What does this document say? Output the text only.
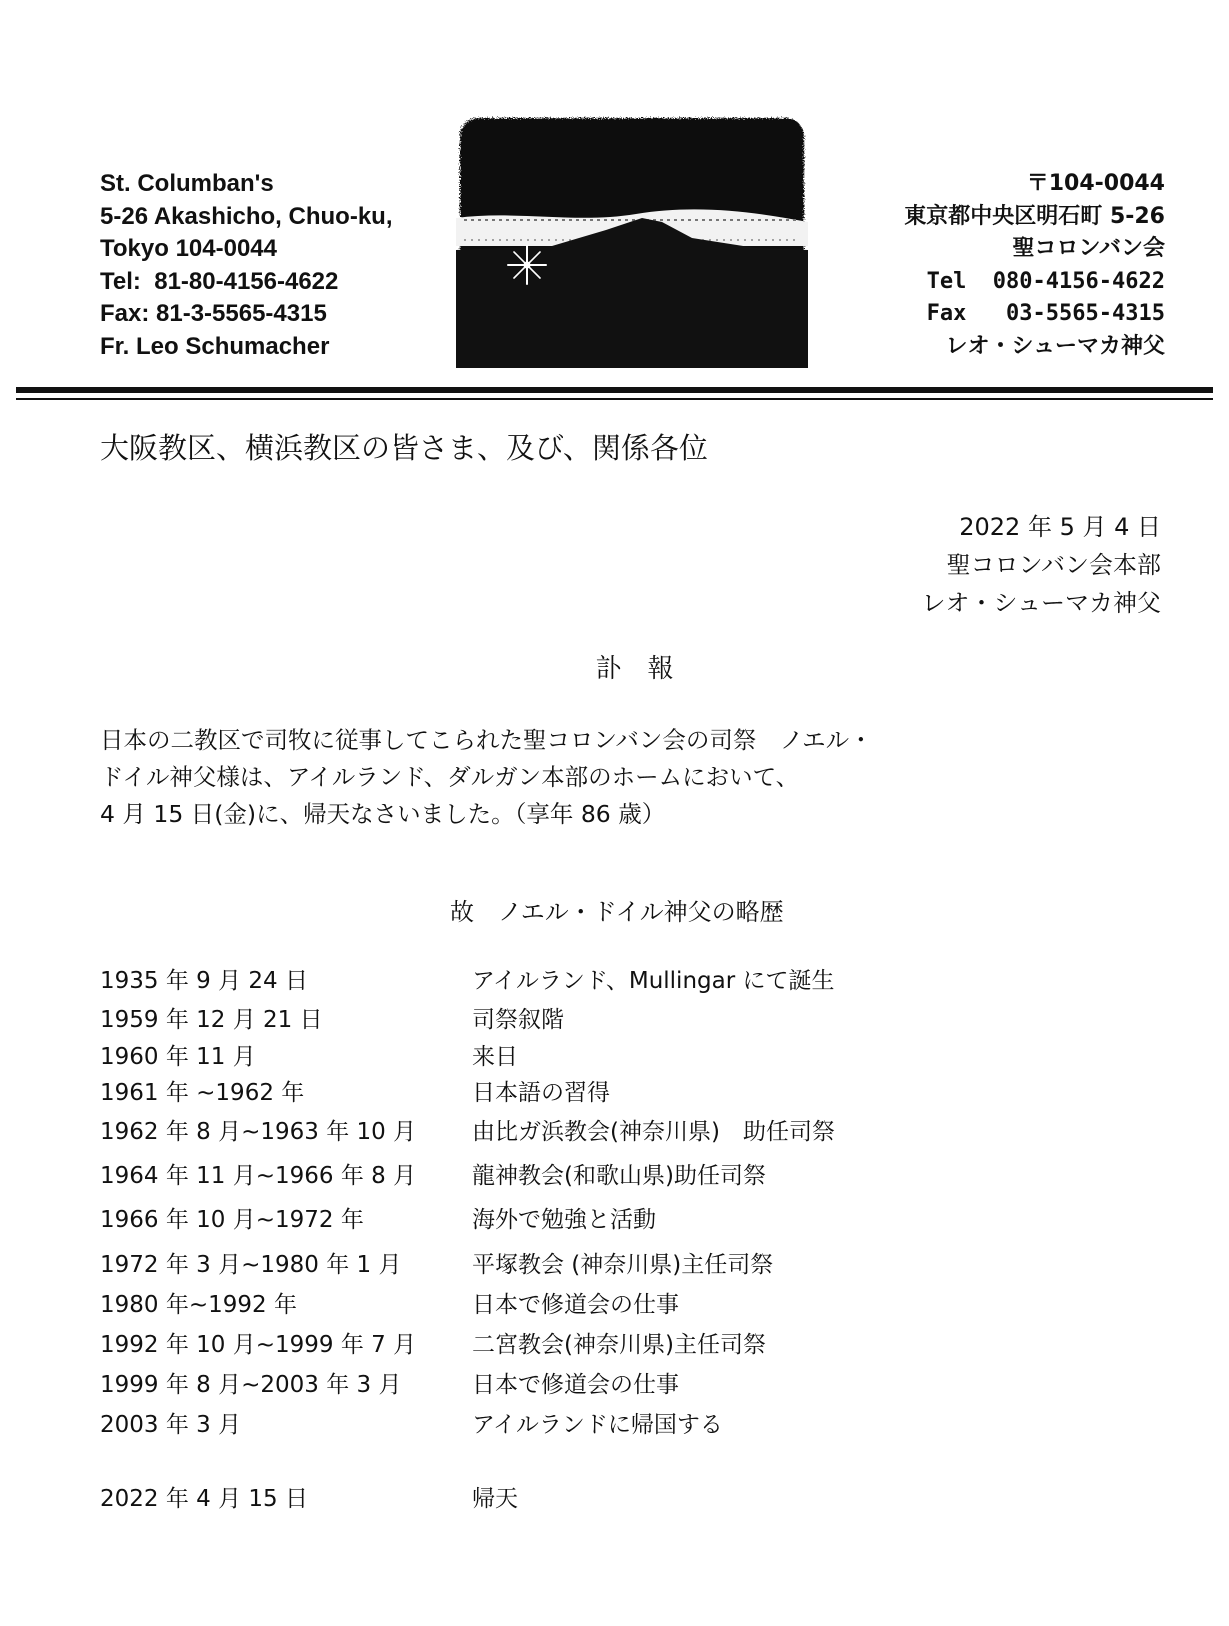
St. Columban's
5-26 Akashicho, Chuo-ku,
Tokyo 104-0044
Tel:  81-80-4156-4622
Fax: 81-3-5565-4315
Fr. Leo Schumacher
〒104-0044
東京都中央区明石町 5-26
聖コロンバン会
Tel  080-4156-4622
Fax   03-5565-4315
レオ・シューマカ神父
大阪教区、横浜教区の皆さま、及び、関係各位
2022 年 5 月 4 日
聖コロンバン会本部
レオ・シューマカ神父
訃　報
日本の二教区で司牧に従事してこられた聖コロンバン会の司祭　ノエル・
ドイル神父様は、アイルランド、ダルガン本部のホームにおいて、
4 月 15 日(金)に、帰天なさいました。（享年 86 歳）
故　ノエル・ドイル神父の略歴
1935 年 9 月 24 日	アイルランド、Mullingar にて誕生
1959 年 12 月 21 日	司祭叙階
1960 年 11 月	来日
1961 年 ~1962 年	日本語の習得
1962 年 8 月~1963 年 10 月	由比ガ浜教会(神奈川県)　助任司祭
1964 年 11 月~1966 年 8 月	龍神教会(和歌山県)助任司祭
1966 年 10 月~1972 年	海外で勉強と活動
1972 年 3 月~1980 年 1 月	平塚教会 (神奈川県)主任司祭
1980 年~1992 年	日本で修道会の仕事
1992 年 10 月~1999 年 7 月	二宮教会(神奈川県)主任司祭
1999 年 8 月~2003 年 3 月	日本で修道会の仕事
2003 年 3 月	アイルランドに帰国する
2022 年 4 月 15 日	帰天
